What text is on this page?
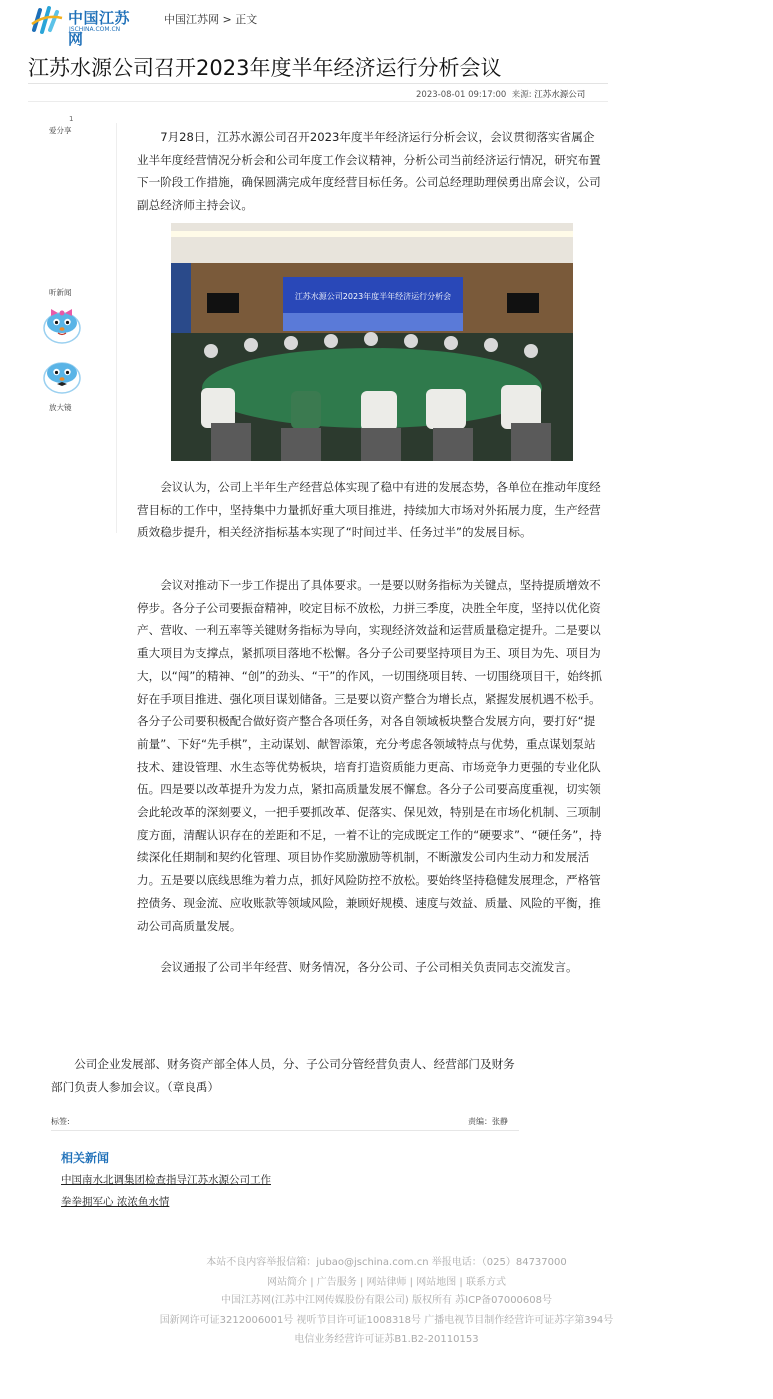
中国江苏网
JSCHINA.COM.CN
中国江苏网 > 正文
江苏水源公司召开2023年度半年经济运行分析会议
2023-08-01 09:17:00 来源: 江苏水源公司
1
爱分享
听新闻
放大镜

7月28日，江苏水源公司召开2023年度半年经济运行分析会议，会议贯彻落实省属企业半年度经营情况分析会和公司年度工作会议精神，分析公司当前经济运行情况，研究布置下一阶段工作措施，确保圆满完成年度经营目标任务。公司总经理助理侯勇出席会议，公司副总经济师主持会议。

江苏水源公司2023年度半年经济运行分析会

会议认为，公司上半年生产经营总体实现了稳中有进的发展态势，各单位在推动年度经营目标的工作中，坚持集中力量抓好重大项目推进，持续加大市场对外拓展力度，生产经营质效稳步提升，相关经济指标基本实现了“时间过半、任务过半”的发展目标。

会议对推动下一步工作提出了具体要求。一是要以财务指标为关键点，坚持提质增效不停步。各分子公司要振奋精神，咬定目标不放松，力拼三季度，决胜全年度，坚持以优化资产、营收、一利五率等关键财务指标为导向，实现经济效益和运营质量稳定提升。二是要以重大项目为支撑点，紧抓项目落地不松懈。各分子公司要坚持项目为王、项目为先、项目为大，以“闯”的精神、“创”的劲头、“干”的作风，一切围绕项目转、一切围绕项目干，始终抓好在手项目推进、强化项目谋划储备。三是要以资产整合为增长点，紧握发展机遇不松手。各分子公司要积极配合做好资产整合各项任务，对各自领域板块整合发展方向，要打好“提前量”、下好“先手棋”，主动谋划、献智添策，充分考虑各领域特点与优势，重点谋划泵站技术、建设管理、水生态等优势板块，培育打造资质能力更高、市场竞争力更强的专业化队伍。四是要以改革提升为发力点，紧扣高质量发展不懈怠。各分子公司要高度重视，切实领会此轮改革的深刻要义，一把手要抓改革、促落实、保见效，特别是在市场化机制、三项制度方面，清醒认识存在的差距和不足，一着不让的完成既定工作的“硬要求”、“硬任务”，持续深化任期制和契约化管理、项目协作奖励激励等机制，不断激发公司内生动力和发展活力。五是要以底线思维为着力点，抓好风险防控不放松。要始终坚持稳健发展理念，严格管控债务、现金流、应收账款等领域风险，兼顾好规模、速度与效益、质量、风险的平衡，推动公司高质量发展。

会议通报了公司半年经营、财务情况，各分公司、子公司相关负责同志交流发言。

公司企业发展部、财务资产部全体人员，分、子公司分管经营负责人、经营部门及财务部门负责人参加会议。（章良禹）

标签:	责编：张静
相关新闻
中国南水北调集团检查指导江苏水源公司工作
拳拳拥军心 浓浓鱼水情
本站不良内容举报信箱：jubao@jschina.com.cn 举报电话：（025）84737000
网站简介 | 广告服务 | 网站律师 | 网站地图 | 联系方式
中国江苏网(江苏中江网传媒股份有限公司) 版权所有 苏ICP备07000608号
国新网许可证3212006001号 视听节目许可证1008318号 广播电视节目制作经营许可证苏字第394号
电信业务经营许可证苏B1.B2-20110153
